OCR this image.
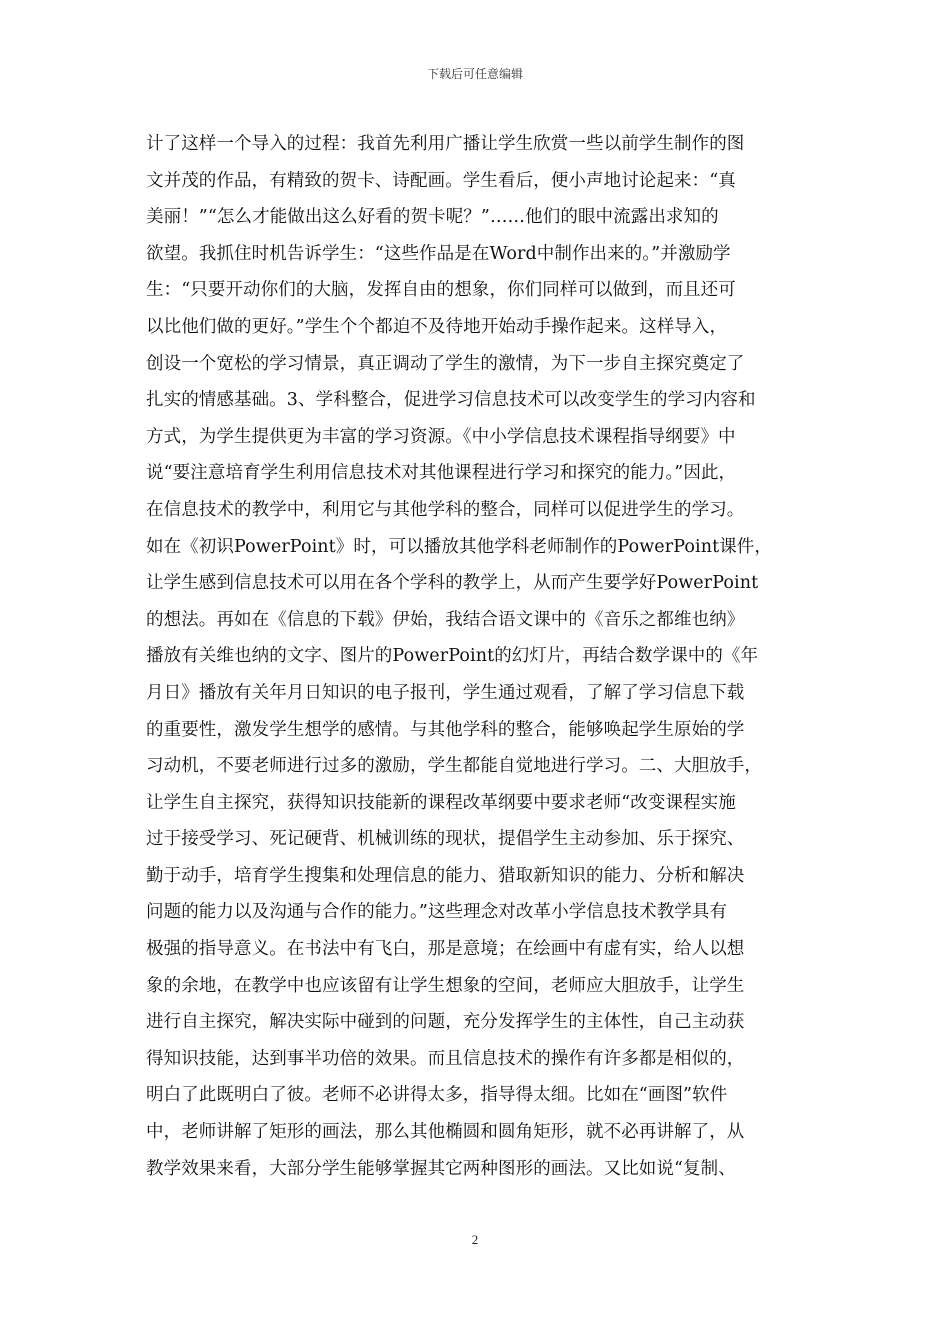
下载后可任意编辑
计了这样一个导入的过程：我首先利用广播让学生欣赏一些以前学生制作的图
文并茂的作品，有精致的贺卡、诗配画。学生看后，便小声地讨论起来：“真
美丽！”“怎么才能做出这么好看的贺卡呢？”……他们的眼中流露出求知的
欲望。我抓住时机告诉学生：“这些作品是在Word中制作出来的。”并激励学
生：“只要开动你们的大脑，发挥自由的想象，你们同样可以做到，而且还可
以比他们做的更好。”学生个个都迫不及待地开始动手操作起来。这样导入，
创设一个宽松的学习情景，真正调动了学生的激情，为下一步自主探究奠定了
扎实的情感基础。3、学科整合，促进学习信息技术可以改变学生的学习内容和
方式，为学生提供更为丰富的学习资源。《中小学信息技术课程指导纲要》中
说“要注意培育学生利用信息技术对其他课程进行学习和探究的能力。”因此，
在信息技术的教学中，利用它与其他学科的整合，同样可以促进学生的学习。
如在《初识PowerPoint》时，可以播放其他学科老师制作的PowerPoint课件，
让学生感到信息技术可以用在各个学科的教学上，从而产生要学好PowerPoint
的想法。再如在《信息的下载》伊始，我结合语文课中的《音乐之都维也纳》
播放有关维也纳的文字、图片的PowerPoint的幻灯片，再结合数学课中的《年
月日》播放有关年月日知识的电子报刊，学生通过观看，了解了学习信息下载
的重要性，激发学生想学的感情。与其他学科的整合，能够唤起学生原始的学
习动机，不要老师进行过多的激励，学生都能自觉地进行学习。二、大胆放手，
让学生自主探究，获得知识技能新的课程改革纲要中要求老师“改变课程实施
过于接受学习、死记硬背、机械训练的现状，提倡学生主动参加、乐于探究、
勤于动手，培育学生搜集和处理信息的能力、猎取新知识的能力、分析和解决
问题的能力以及沟通与合作的能力。”这些理念对改革小学信息技术教学具有
极强的指导意义。在书法中有飞白，那是意境；在绘画中有虚有实，给人以想
象的余地，在教学中也应该留有让学生想象的空间，老师应大胆放手，让学生
进行自主探究，解决实际中碰到的问题，充分发挥学生的主体性，自己主动获
得知识技能，达到事半功倍的效果。而且信息技术的操作有许多都是相似的，
明白了此既明白了彼。老师不必讲得太多，指导得太细。比如在“画图”软件
中，老师讲解了矩形的画法，那么其他椭圆和圆角矩形，就不必再讲解了，从
教学效果来看，大部分学生能够掌握其它两种图形的画法。又比如说“复制、
2
